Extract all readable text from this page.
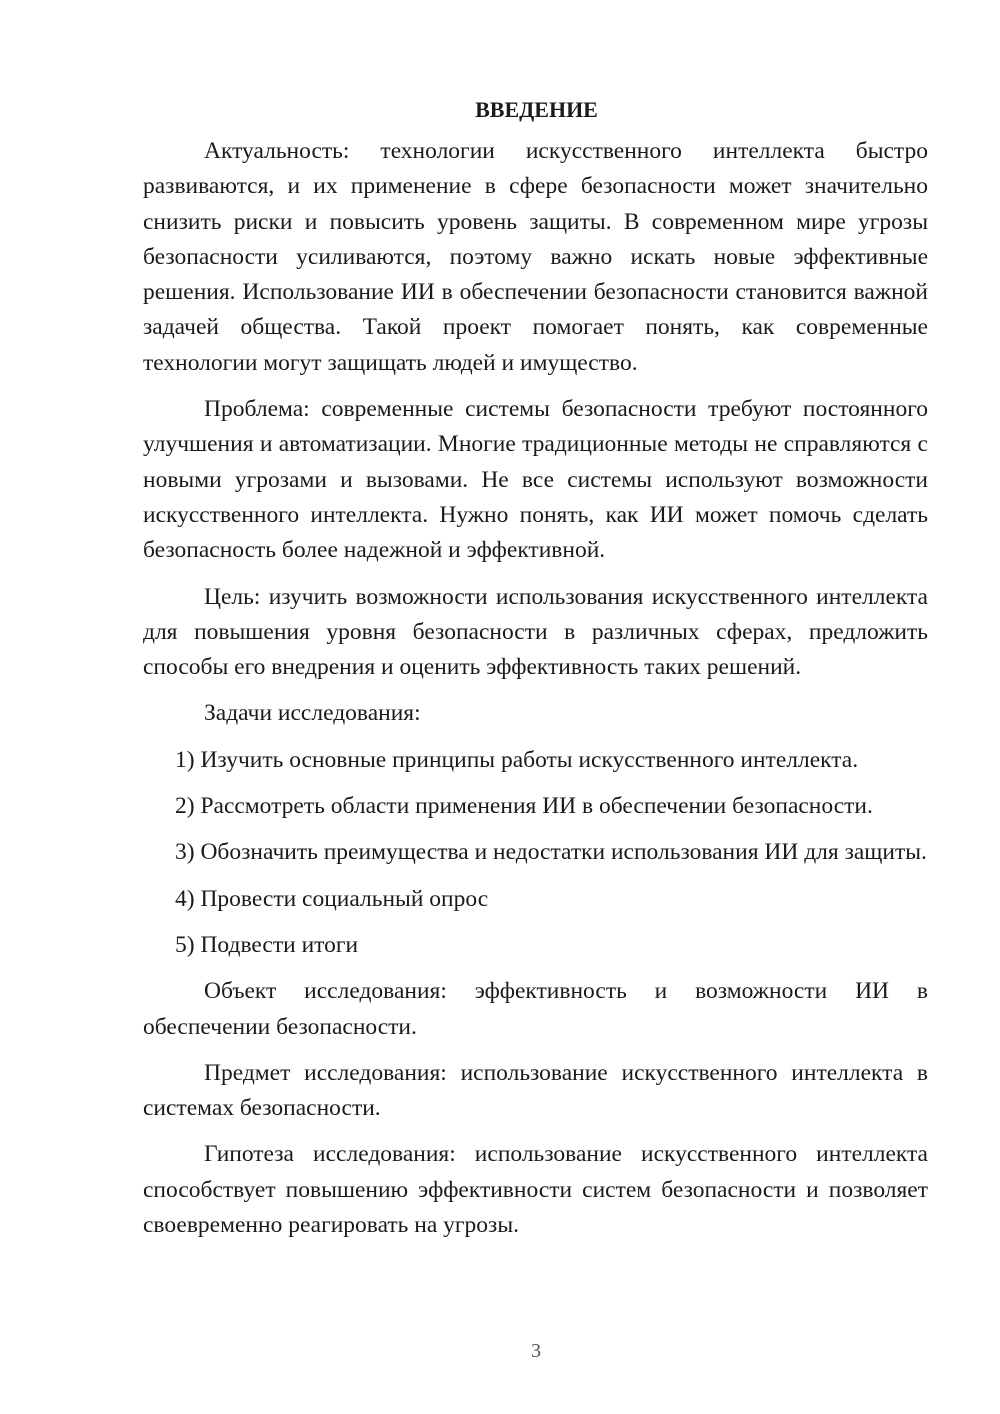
ВВЕДЕНИЕ

Актуальность: технологии искусственного интеллекта быстро развиваются, и их применение в сфере безопасности может значительно снизить риски и повысить уровень защиты. В современном мире угрозы безопасности усиливаются, поэтому важно искать новые эффективные решения. Использование ИИ в обеспечении безопасности становится важной задачей общества. Такой проект помогает понять, как современные технологии могут защищать людей и имущество.

Проблема: современные системы безопасности требуют постоянного улучшения и автоматизации. Многие традиционные методы не справляются с новыми угрозами и вызовами. Не все системы используют возможности искусственного интеллекта. Нужно понять, как ИИ может помочь сделать безопасность более надежной и эффективной.

Цель: изучить возможности использования искусственного интеллекта для повышения уровня безопасности в различных сферах, предложить способы его внедрения и оценить эффективность таких решений.

Задачи исследования:

1) Изучить основные принципы работы искусственного интеллекта.

2) Рассмотреть области применения ИИ в обеспечении безопасности.

3) Обозначить преимущества и недостатки использования ИИ для защиты.

4) Провести социальный опрос

5) Подвести итоги

Объект исследования: эффективность и возможности ИИ в обеспечении безопасности.

Предмет исследования: использование искусственного интеллекта в системах безопасности.

Гипотеза исследования: использование искусственного интеллекта способствует повышению эффективности систем безопасности и позволяет своевременно реагировать на угрозы.

3
